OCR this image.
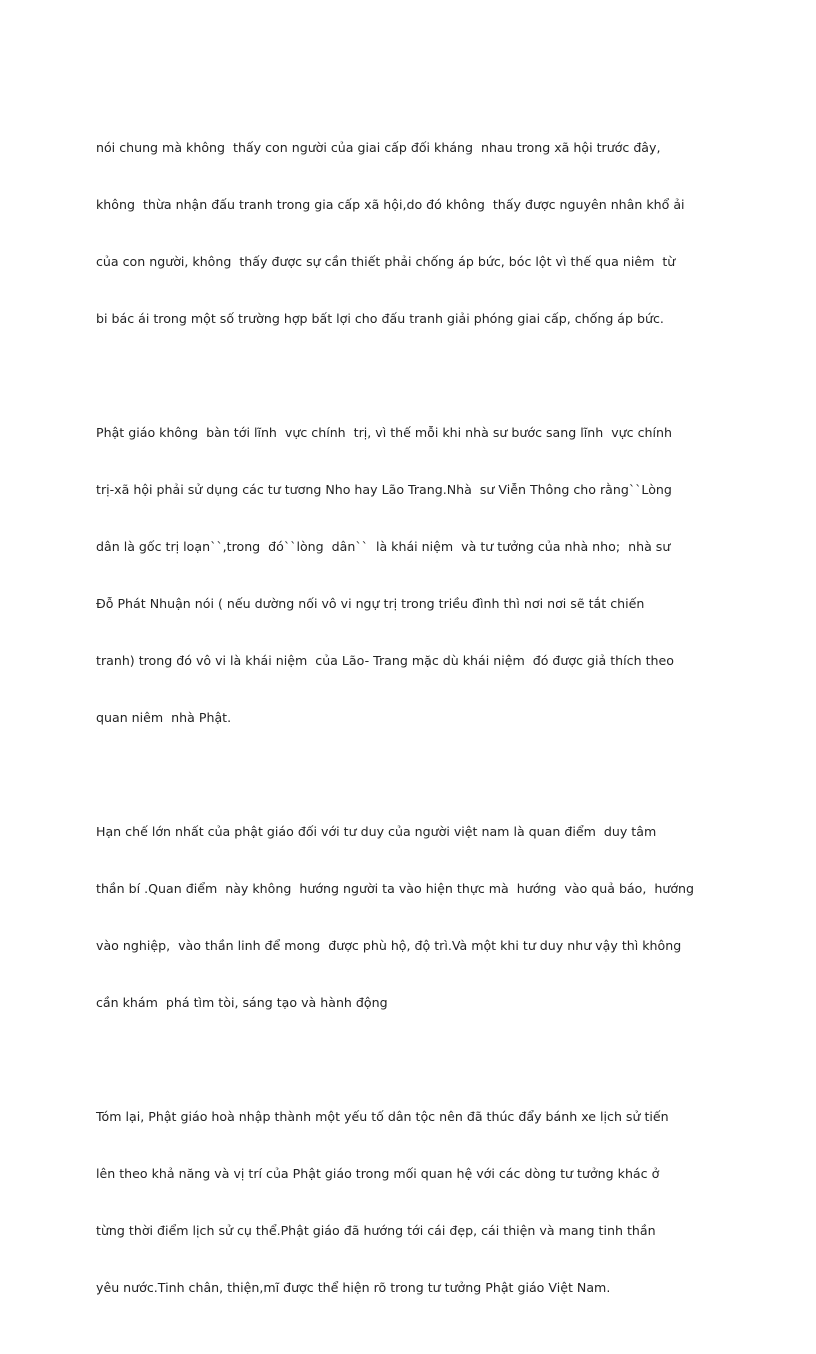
nói chung mà không  thấy con người của giai cấp đối kháng  nhau trong xã hội trước đây,

không  thừa nhận đấu tranh trong gia cấp xã hội,do đó không  thấy được nguyên nhân khổ ải

của con người, không  thấy được sự cần thiết phải chống áp bức, bóc lột vì thế qua niêm  từ

bi bác ái trong một số trường hợp bất lợi cho đấu tranh giải phóng giai cấp, chống áp bức.

Phật giáo không  bàn tới lĩnh  vực chính  trị, vì thế mỗi khi nhà sư bước sang lĩnh  vực chính

trị-xã hội phải sử dụng các tư tương Nho hay Lão Trang.Nhà  sư Viễn Thông cho rằng``Lòng

dân là gốc trị loạn``,trong  đó``lòng  dân``  là khái niệm  và tư tưởng của nhà nho;  nhà sư

Đỗ Phát Nhuận nói ( nếu dường nối vô vi ngự trị trong triều đình thì nơi nơi sẽ tắt chiến

tranh) trong đó vô vi là khái niệm  của Lão- Trang mặc dù khái niệm  đó được giả thích theo

quan niêm  nhà Phật.

Hạn chế lớn nhất của phật giáo đối với tư duy của người việt nam là quan điểm  duy tâm

thần bí .Quan điểm  này không  hướng người ta vào hiện thực mà  hướng  vào quả báo,  hướng

vào nghiệp,  vào thần linh để mong  được phù hộ, độ trì.Và một khi tư duy như vậy thì không

cần khám  phá tìm tòi, sáng tạo và hành động

Tóm lại, Phật giáo hoà nhập thành một yếu tố dân tộc nên đã thúc đẩy bánh xe lịch sử tiến

lên theo khả năng và vị trí của Phật giáo trong mối quan hệ với các dòng tư tưởng khác ở

từng thời điểm lịch sử cụ thể.Phật giáo đã hướng tới cái đẹp, cái thiện và mang tinh thần

yêu nước.Tinh chân, thiện,mĩ được thể hiện rõ trong tư tưởng Phật giáo Việt Nam.
